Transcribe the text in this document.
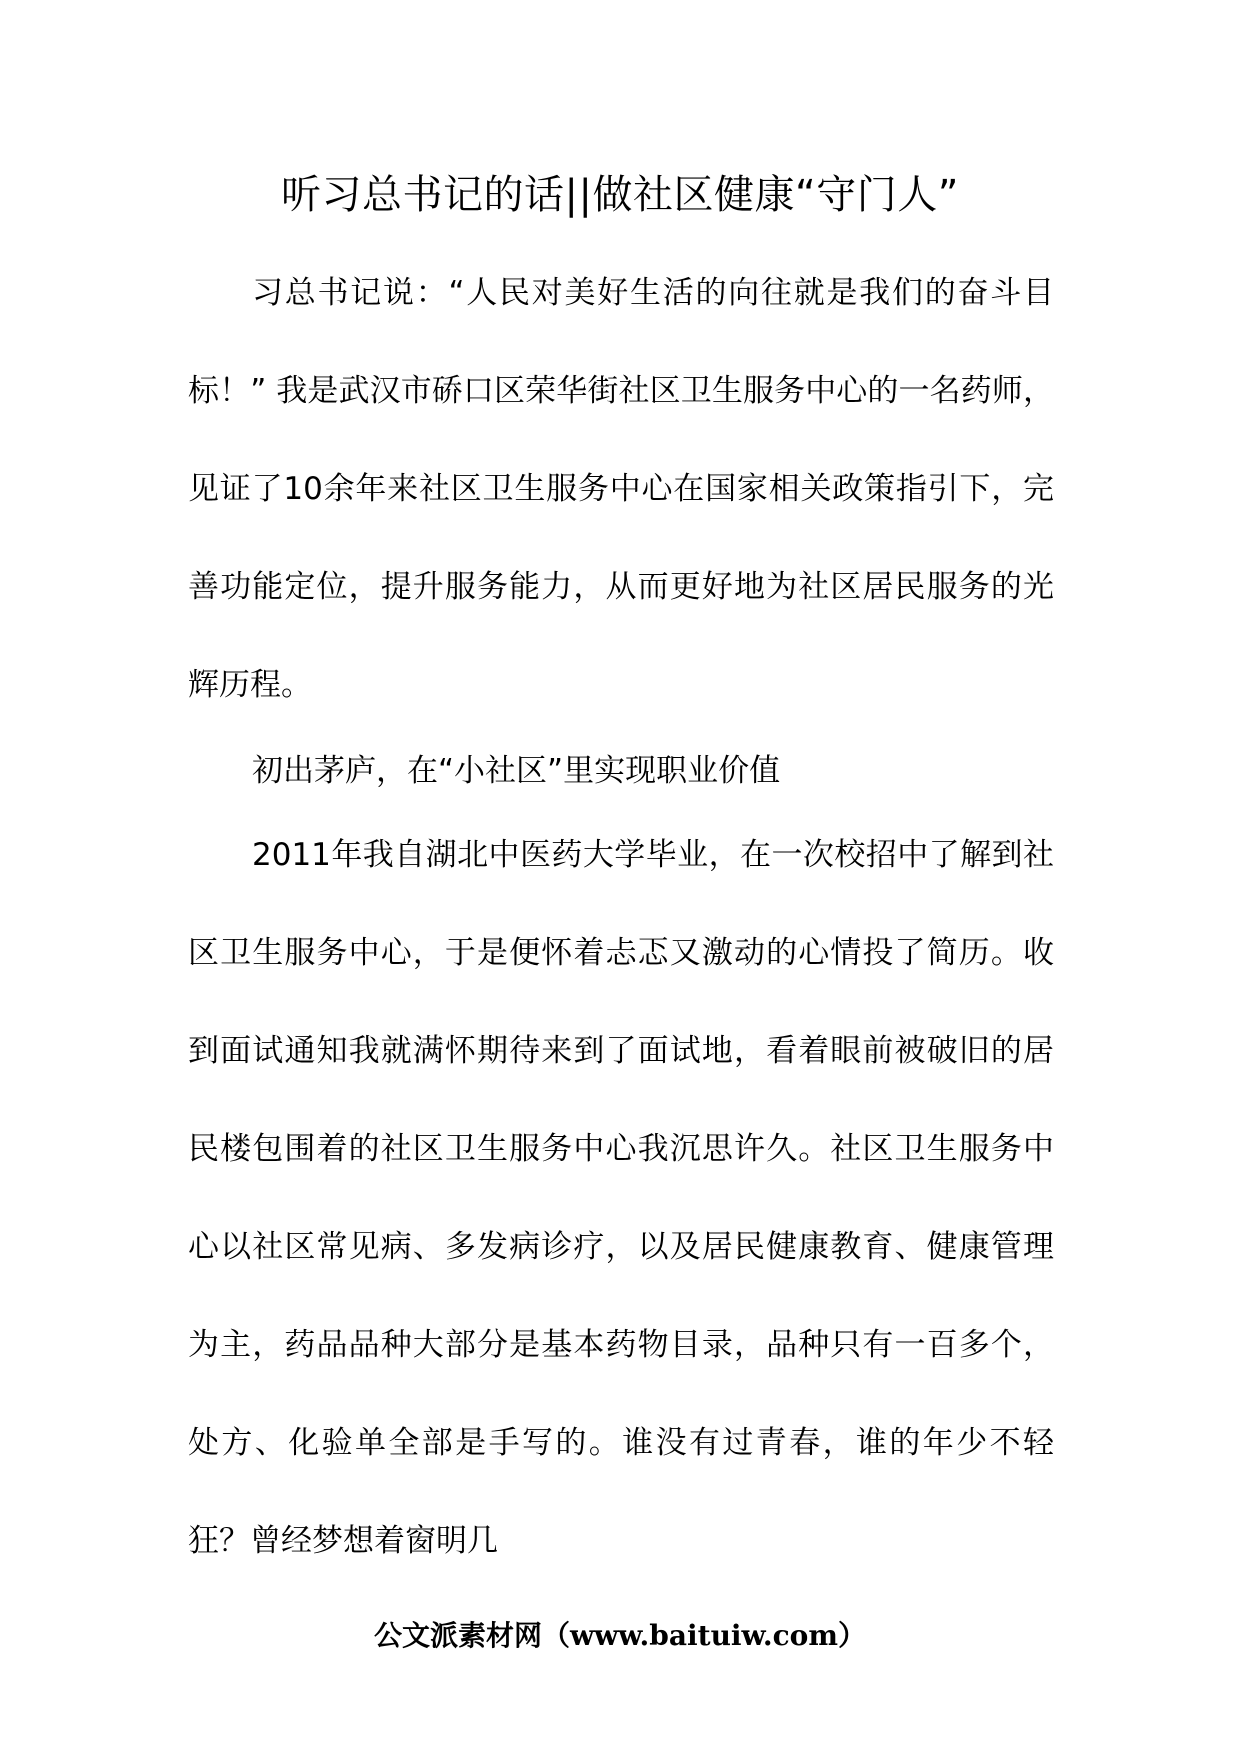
听习总书记的话||做社区健康“守门人”

习总书记说：“人民对美好生活的向往就是我们的奋斗目标！” 我是武汉市硚口区荣华街社区卫生服务中心的一名药师，见证了10余年来社区卫生服务中心在国家相关政策指引下，完善功能定位，提升服务能力，从而更好地为社区居民服务的光辉历程。

初出茅庐，在“小社区”里实现职业价值

2011年我自湖北中医药大学毕业，在一次校招中了解到社区卫生服务中心，于是便怀着忐忑又激动的心情投了简历。收到面试通知我就满怀期待来到了面试地，看着眼前被破旧的居民楼包围着的社区卫生服务中心我沉思许久。社区卫生服务中心以社区常见病、多发病诊疗，以及居民健康教育、健康管理为主，药品品种大部分是基本药物目录，品种只有一百多个，处方、化验单全部是手写的。谁没有过青春，谁的年少不轻狂？曾经梦想着窗明几

公文派素材网（www.baituiw.com）
